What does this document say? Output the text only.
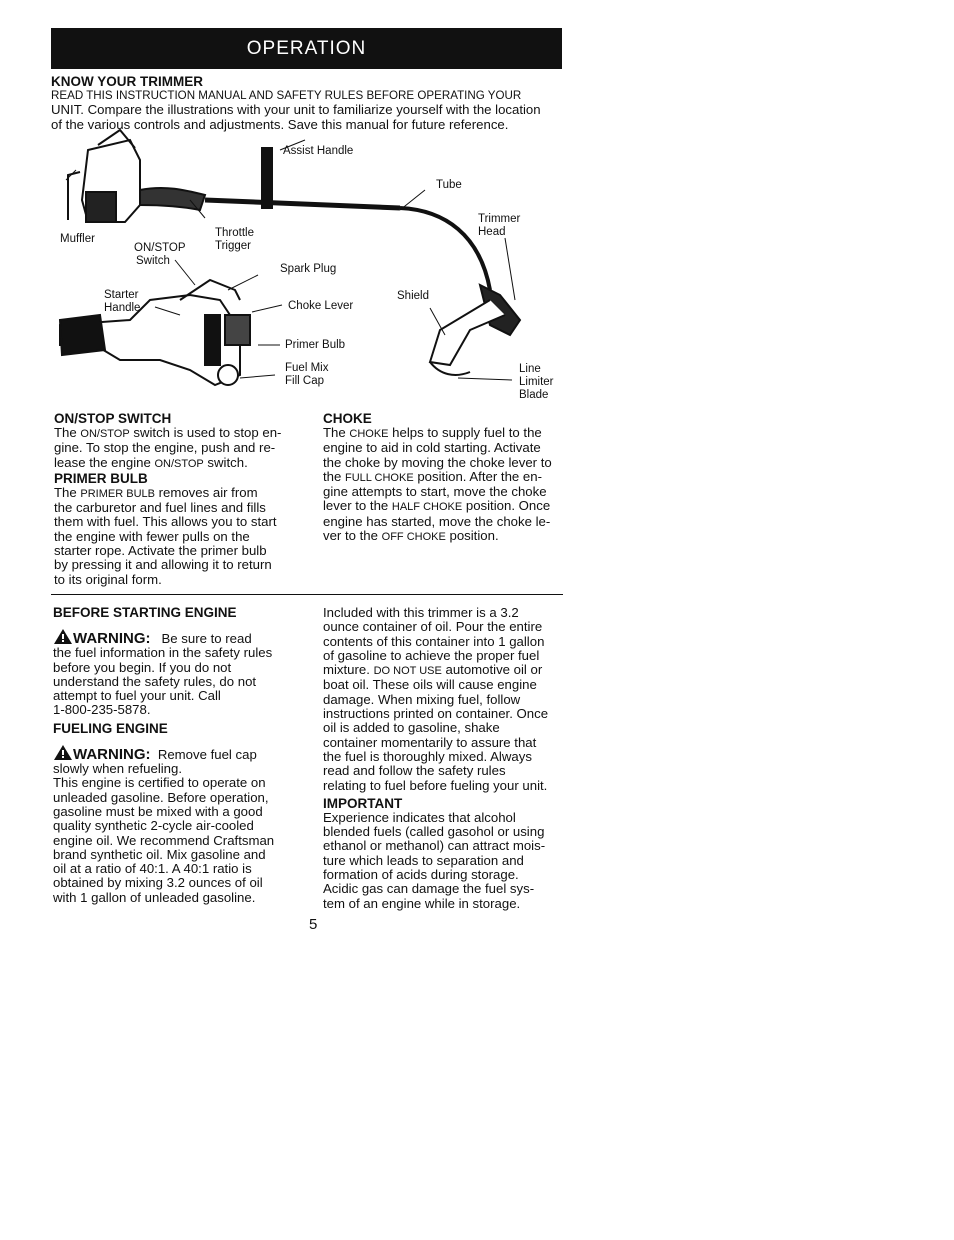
OPERATION
KNOW YOUR TRIMMER
READ THIS INSTRUCTION MANUAL AND SAFETY RULES BEFORE OPERATING YOUR
UNIT. Compare the illustrations with your unit to familiarize yourself with the location
of the various controls and adjustments. Save this manual for future reference.
Assist Handle
Tube
Trimmer
Head
Muffler	Throttle
Trigger
ON/STOP
Switch
Spark Plug
Starter
Handle	Choke Lever
Shield
Primer Bulb
Fuel Mix
Fill Cap
Line
Limiter
Blade
ON/STOP SWITCH
The ON/STOP switch is used to stop en-
gine. To stop the engine, push and re-
lease the engine ON/STOP switch.
PRIMER BULB
The PRIMER BULB removes air from
the carburetor and fuel lines and fills
them with fuel. This allows you to start
the engine with fewer pulls on the
starter rope. Activate the primer bulb
by pressing it and allowing it to return
to its original form.
CHOKE
The CHOKE helps to supply fuel to the
engine to aid in cold starting. Activate
the choke by moving the choke lever to
the FULL CHOKE position. After the en-
gine attempts to start, move the choke
lever to the HALF CHOKE position. Once
engine has started, move the choke le-
ver to the OFF CHOKE position.
BEFORE STARTING ENGINE
WARNING: Be sure to read
the fuel information in the safety rules
before you begin. If you do not
understand the safety rules, do not
attempt to fuel your unit. Call
1-800-235-5878.
FUELING ENGINE
WARNING: Remove fuel cap
slowly when refueling.
This engine is certified to operate on
unleaded gasoline. Before operation,
gasoline must be mixed with a good
quality synthetic 2-cycle air-cooled
engine oil. We recommend Craftsman
brand synthetic oil. Mix gasoline and
oil at a ratio of 40:1. A 40:1 ratio is
obtained by mixing 3.2 ounces of oil
with 1 gallon of unleaded gasoline.
Included with this trimmer is a 3.2
ounce container of oil. Pour the entire
contents of this container into 1 gallon
of gasoline to achieve the proper fuel
mixture. DO NOT USE automotive oil or
boat oil. These oils will cause engine
damage. When mixing fuel, follow
instructions printed on container. Once
oil is added to gasoline, shake
container momentarily to assure that
the fuel is thoroughly mixed. Always
read and follow the safety rules
relating to fuel before fueling your unit.
IMPORTANT
Experience indicates that alcohol
blended fuels (called gasohol or using
ethanol or methanol) can attract mois-
ture which leads to separation and
formation of acids during storage.
Acidic gas can damage the fuel sys-
tem of an engine while in storage.
5
